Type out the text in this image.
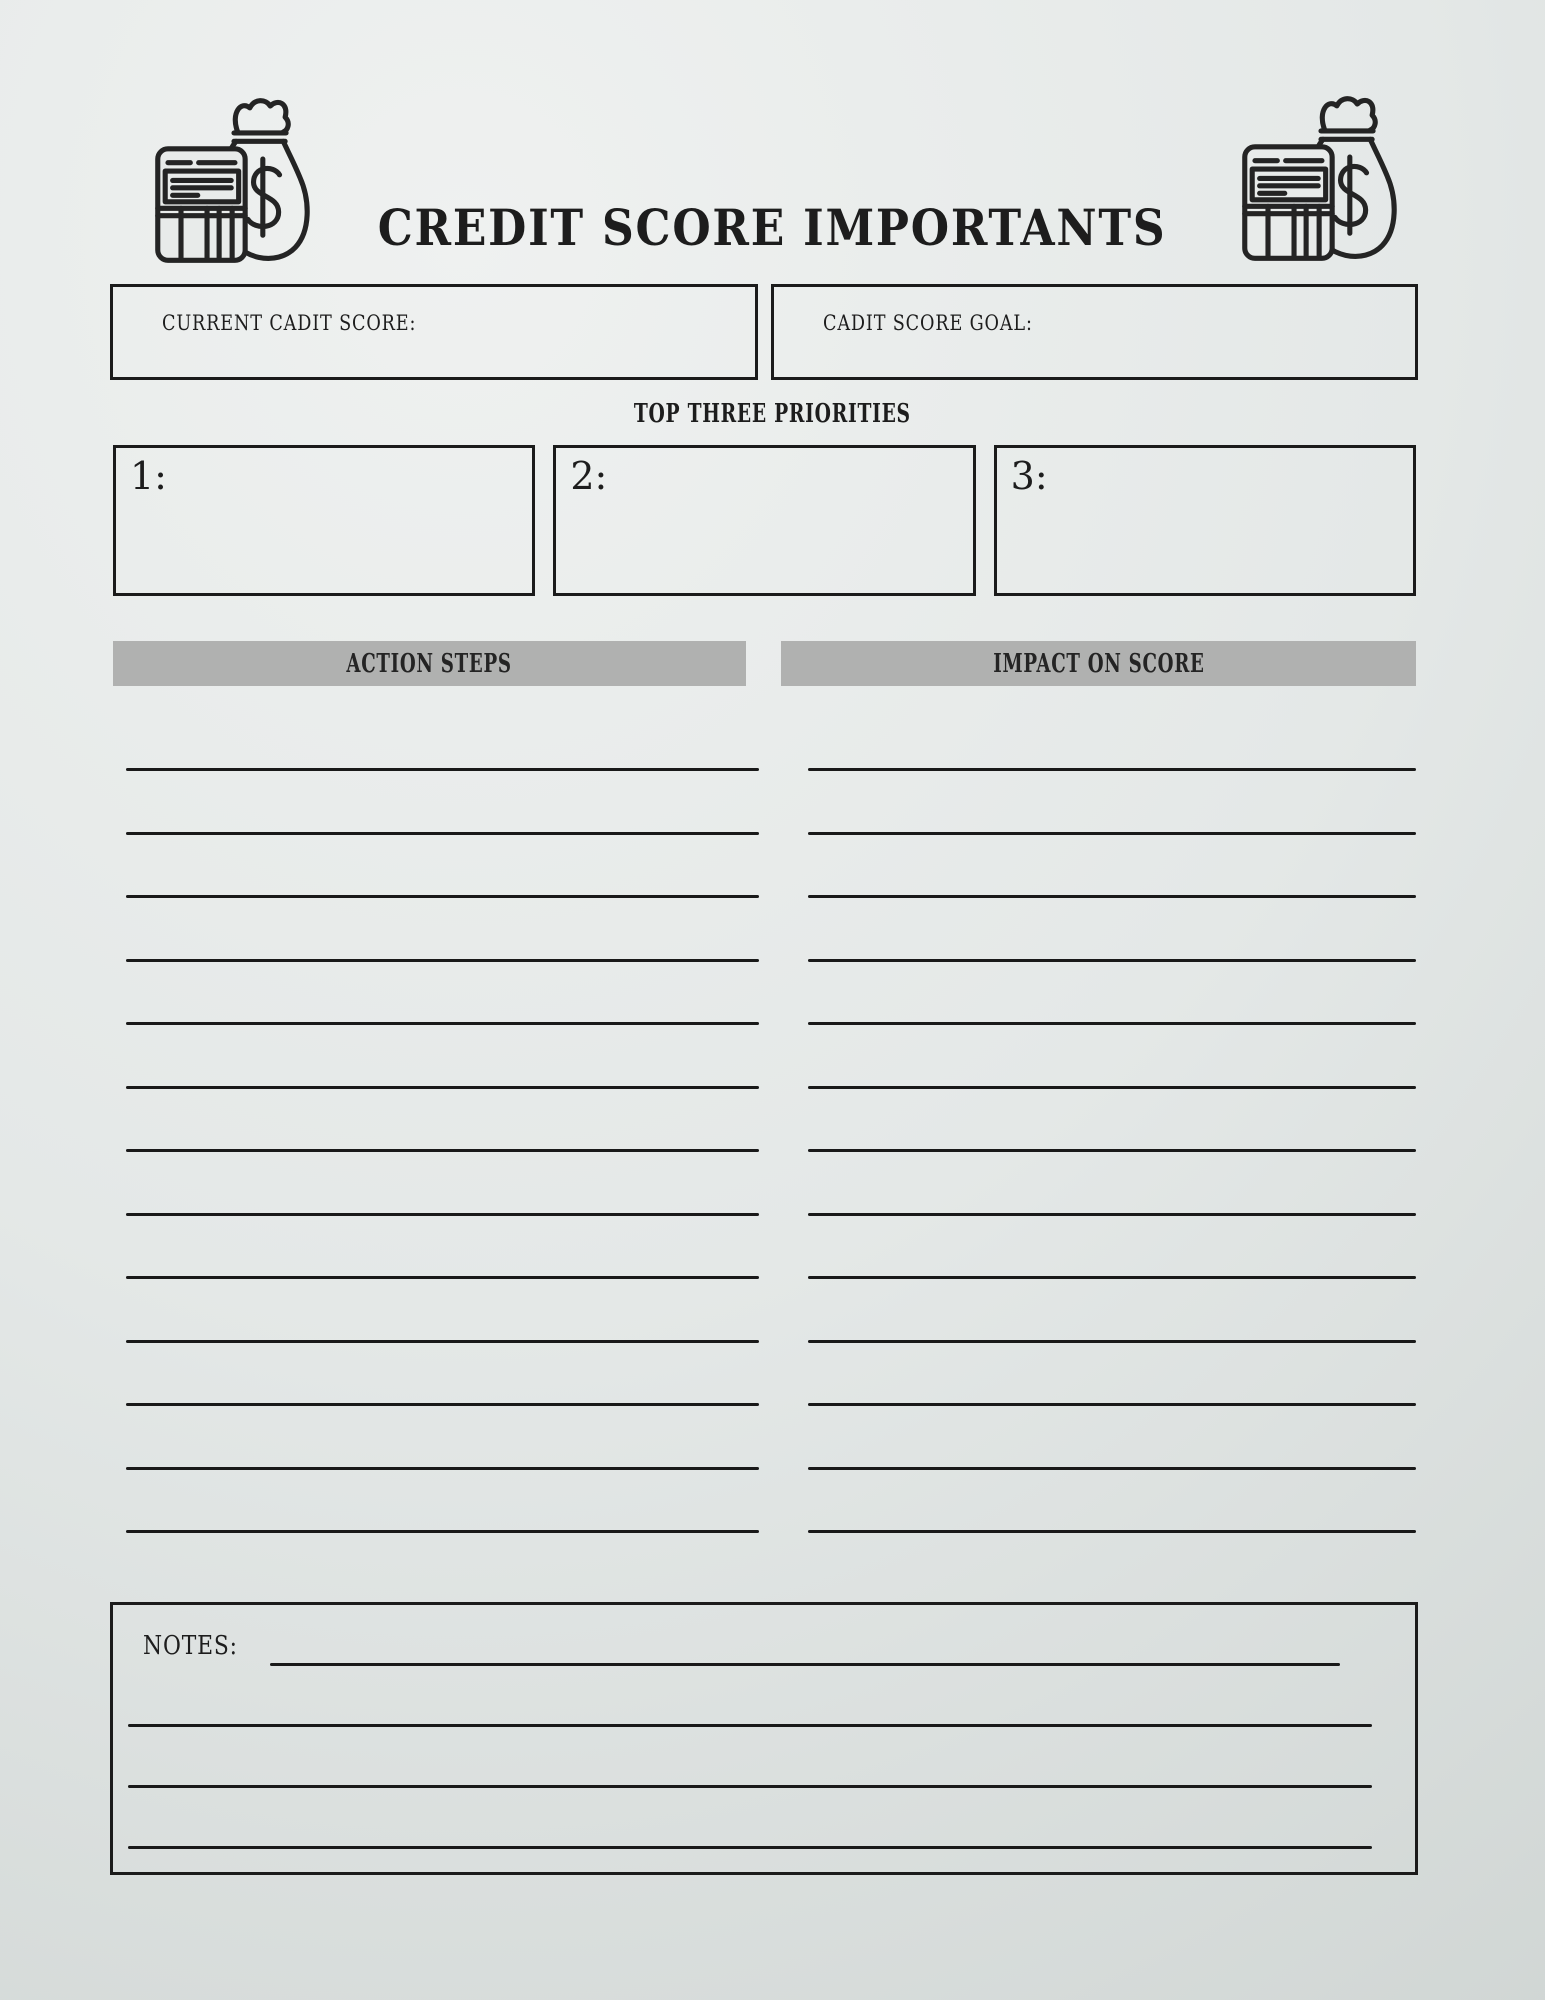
CREDIT SCORE IMPORTANTS
CURRENT CADIT SCORE:	CADIT SCORE GOAL:
TOP THREE PRIORITIES
1:	2:	3:
ACTION STEPS	IMPACT ON SCORE
NOTES:
